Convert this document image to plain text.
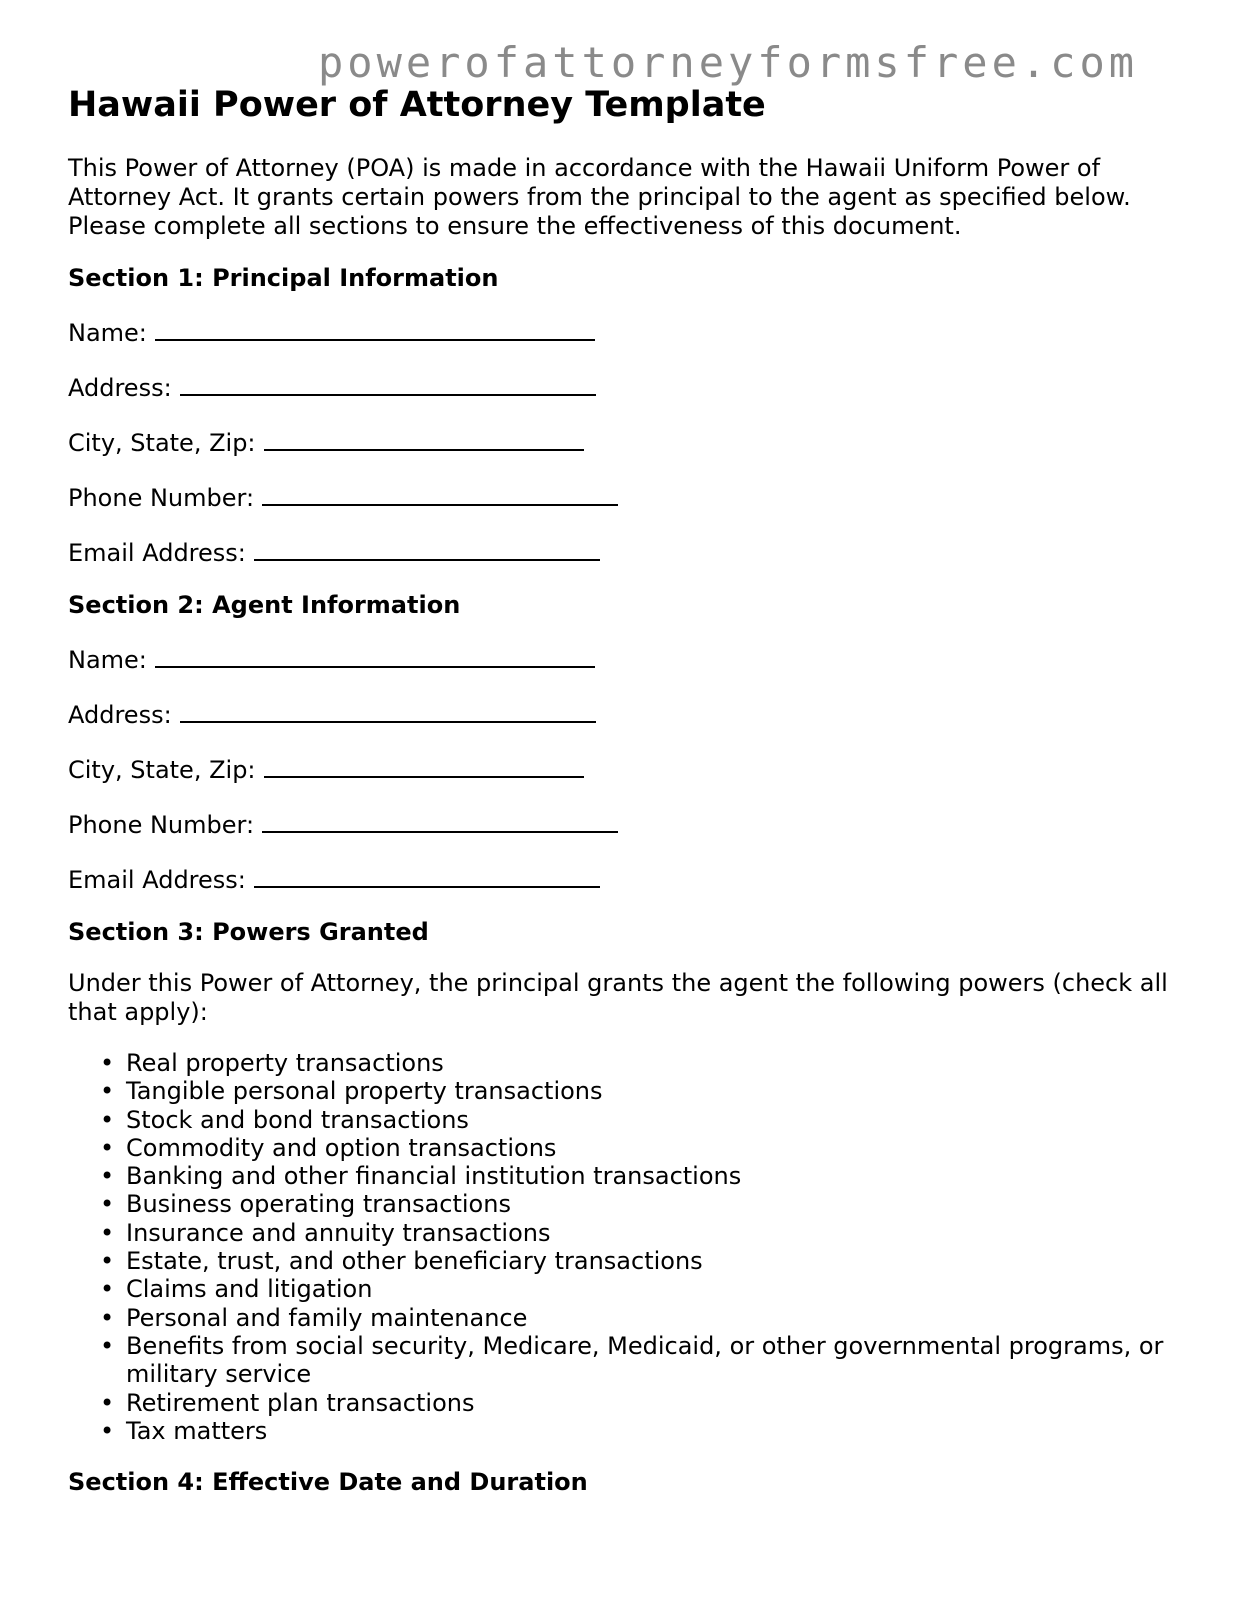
powerofattorneyformsfree.com
Hawaii Power of Attorney Template

This Power of Attorney (POA) is made in accordance with the Hawaii Uniform Power of Attorney Act. It grants certain powers from the principal to the agent as specified below. Please complete all sections to ensure the effectiveness of this document.

Section 1: Principal Information
Name:
Address:
City, State, Zip:
Phone Number:
Email Address:
Section 2: Agent Information
Name:
Address:
City, State, Zip:
Phone Number:
Email Address:
Section 3: Powers Granted

Under this Power of Attorney, the principal grants the agent the following powers (check all that apply):

• Real property transactions
• Tangible personal property transactions
• Stock and bond transactions
• Commodity and option transactions
• Banking and other financial institution transactions
• Business operating transactions
• Insurance and annuity transactions
• Estate, trust, and other beneficiary transactions
• Claims and litigation
• Personal and family maintenance
• Benefits from social security, Medicare, Medicaid, or other governmental programs, or military service
• Retirement plan transactions
• Tax matters
Section 4: Effective Date and Duration
